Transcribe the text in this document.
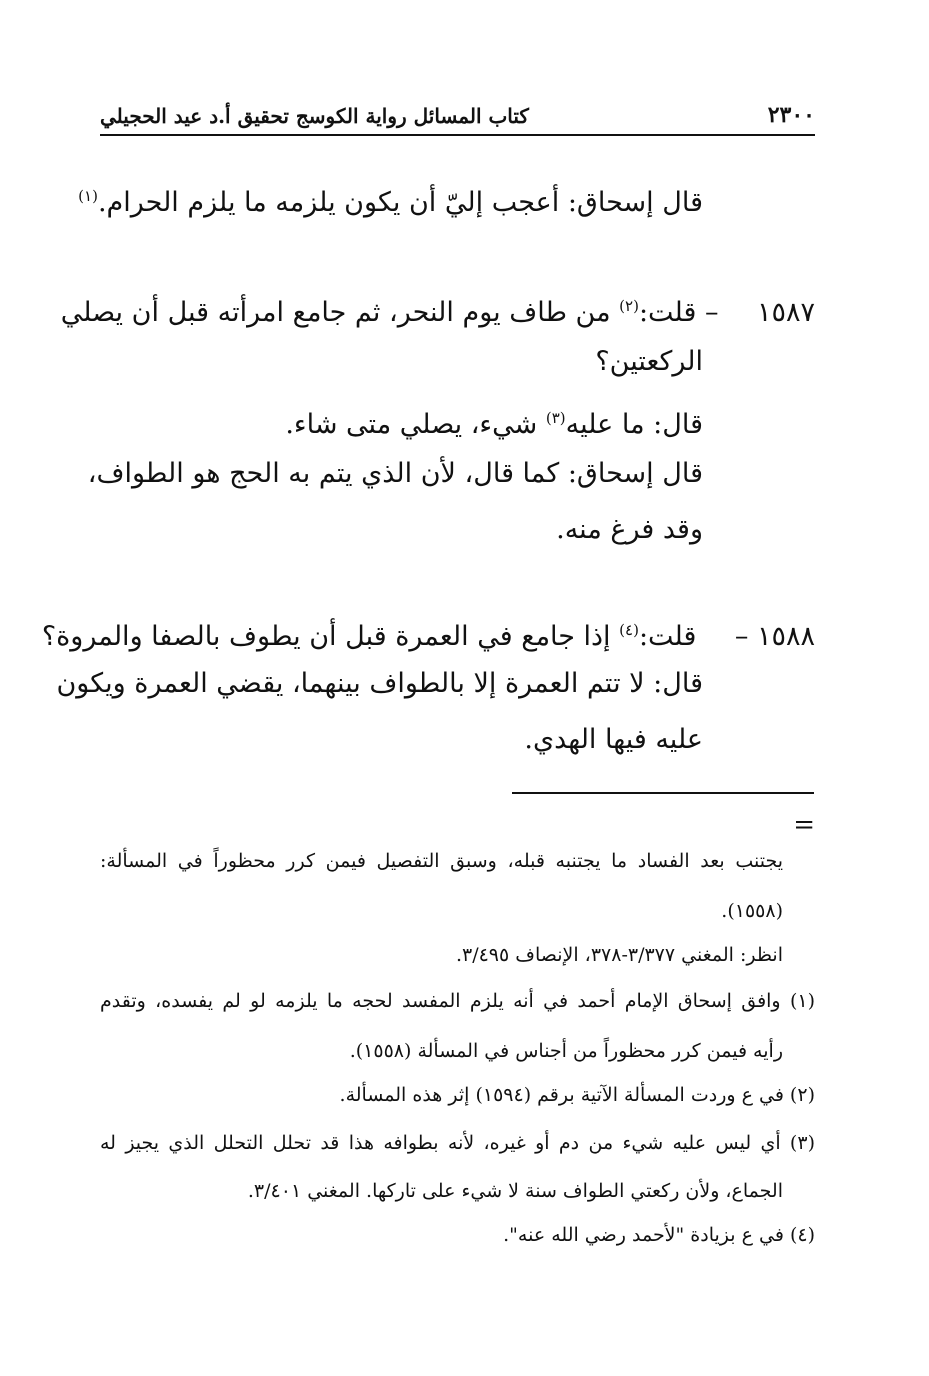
٢٣٠٠
كتاب المسائل رواية الكوسج تحقيق أ.د عيد الحجيلي
قال إسحاق: أعجب إليّ أن يكون يلزمه ما يلزم الحرام.$^{(١)}$
١٥٨٧ – قلت:$^{(٢)}$ من طاف يوم النحر، ثم جامع امرأته قبل أن يصلي
الركعتين؟
قال: ما عليه$^{(٣)}$ شيء، يصلي متى شاء.
قال إسحاق: كما قال، لأن الذي يتم به الحج هو الطواف،
وقد فرغ منه.
١٥٨٨ – قلت:$^{(٤)}$ إذا جامع في العمرة قبل أن يطوف بالصفا والمروة؟
قال: لا تتم العمرة إلا بالطواف بينهما، يقضي العمرة ويكون
عليه فيها الهدي.
=
يجتنب بعد الفساد ما يجتنبه قبله، وسبق التفصيل فيمن كرر محظوراً في المسألة:
(١٥٥٨).
انظر: المغني ٣/٣٧٧-٣٧٨، الإنصاف ٣/٤٩٥.
(١) وافق إسحاق الإمام أحمد في أنه يلزم المفسد لحجه ما يلزمه لو لم يفسده، وتقدم
رأيه فيمن كرر محظوراً من أجناس في المسألة (١٥٥٨).
(٢) في ع وردت المسألة الآتية برقم (١٥٩٤) إثر هذه المسألة.
(٣) أي ليس عليه شيء من دم أو غيره، لأنه بطوافه هذا قد تحلل التحلل الذي يجيز له
الجماع، ولأن ركعتي الطواف سنة لا شيء على تاركها. المغني ٣/٤٠١.
(٤) في ع بزيادة "لأحمد رضي الله عنه".
